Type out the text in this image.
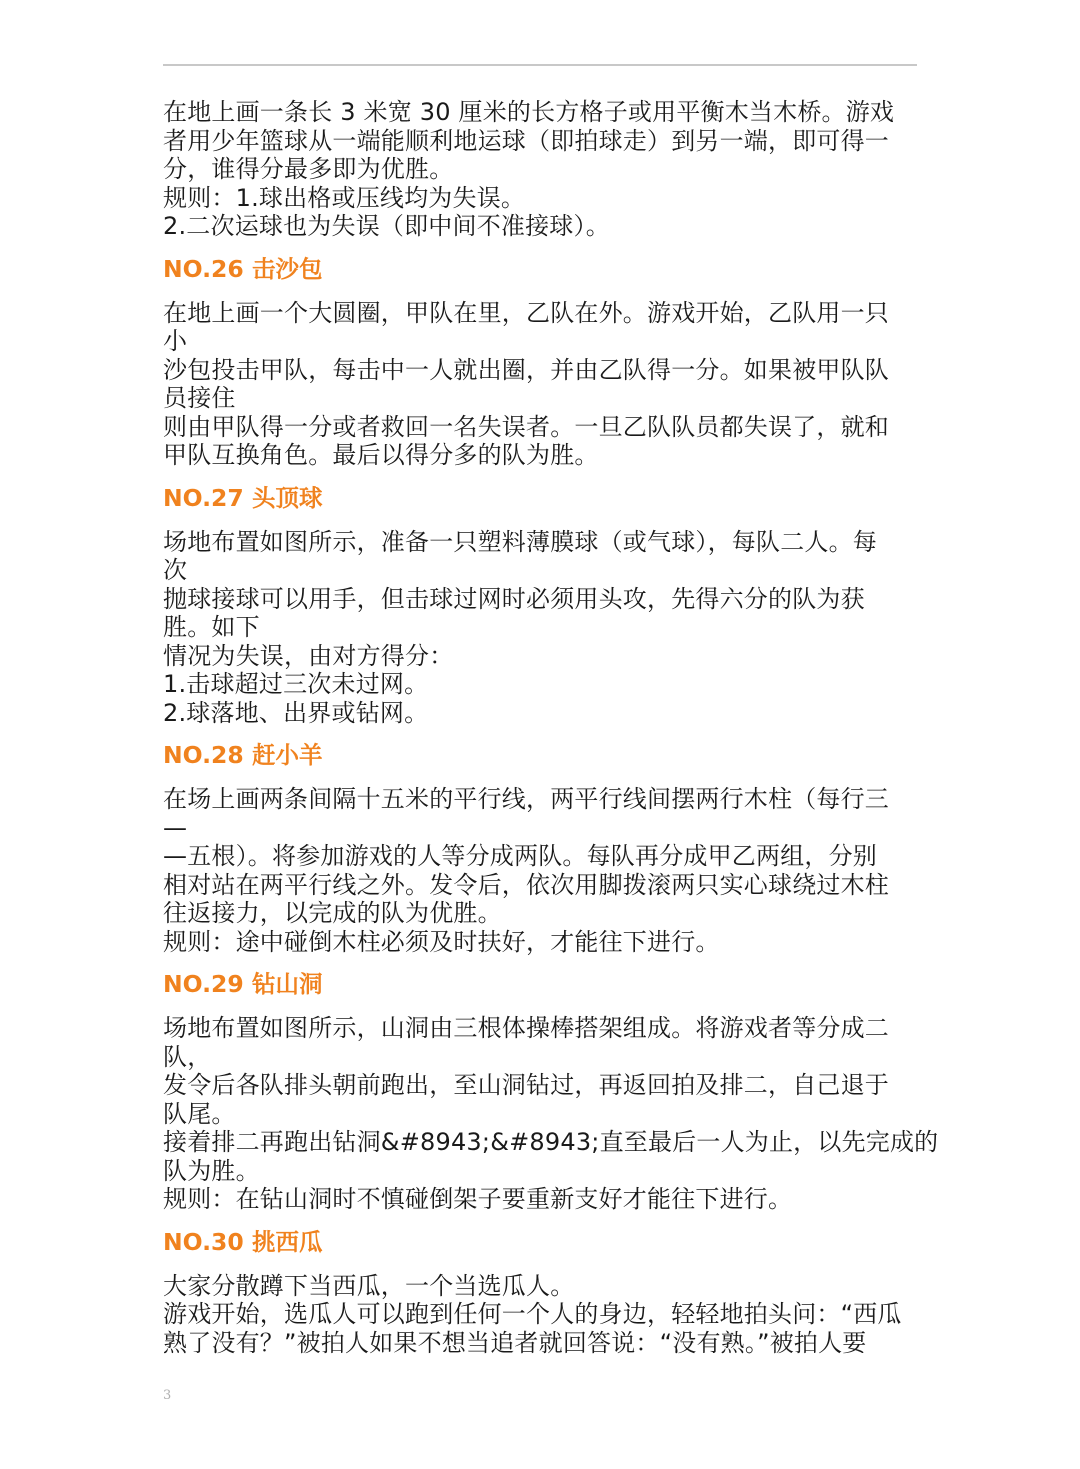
在地上画一条长 3 米宽 30 厘米的长方格子或用平衡木当木桥。游戏
者用少年篮球从一端能顺利地运球（即拍球走）到另一端，即可得一
分，谁得分最多即为优胜。
规则：1.球出格或压线均为失误。
2.二次运球也为失误（即中间不准接球）。
NO.26 击沙包
在地上画一个大圆圈，甲队在里，乙队在外。游戏开始，乙队用一只
小
沙包投击甲队，每击中一人就出圈，并由乙队得一分。如果被甲队队
员接住
则由甲队得一分或者救回一名失误者。一旦乙队队员都失误了，就和
甲队互换角色。最后以得分多的队为胜。
NO.27 头顶球
场地布置如图所示，准备一只塑料薄膜球（或气球），每队二人。每
次
抛球接球可以用手，但击球过网时必须用头攻，先得六分的队为获
胜。如下
情况为失误，由对方得分：
1.击球超过三次未过网。
2.球落地、出界或钻网。
NO.28 赶小羊
在场上画两条间隔十五米的平行线，两平行线间摆两行木柱（每行三
—
—五根）。将参加游戏的人等分成两队。每队再分成甲乙两组，分别
相对站在两平行线之外。发令后，依次用脚拨滚两只实心球绕过木柱
往返接力，以完成的队为优胜。
规则：途中碰倒木柱必须及时扶好，才能往下进行。
NO.29 钻山洞
场地布置如图所示，山洞由三根体操棒搭架组成。将游戏者等分成二
队，
发令后各队排头朝前跑出，至山洞钻过，再返回拍及排二，自己退于
队尾。
接着排二再跑出钻洞&#8943;&#8943;直至最后一人为止，以先完成的
队为胜。
规则：在钻山洞时不慎碰倒架子要重新支好才能往下进行。
NO.30 挑西瓜
大家分散蹲下当西瓜，一个当选瓜人。
游戏开始，选瓜人可以跑到任何一个人的身边，轻轻地拍头问：“西瓜
熟了没有？”被拍人如果不想当追者就回答说：“没有熟。”被拍人要
3
